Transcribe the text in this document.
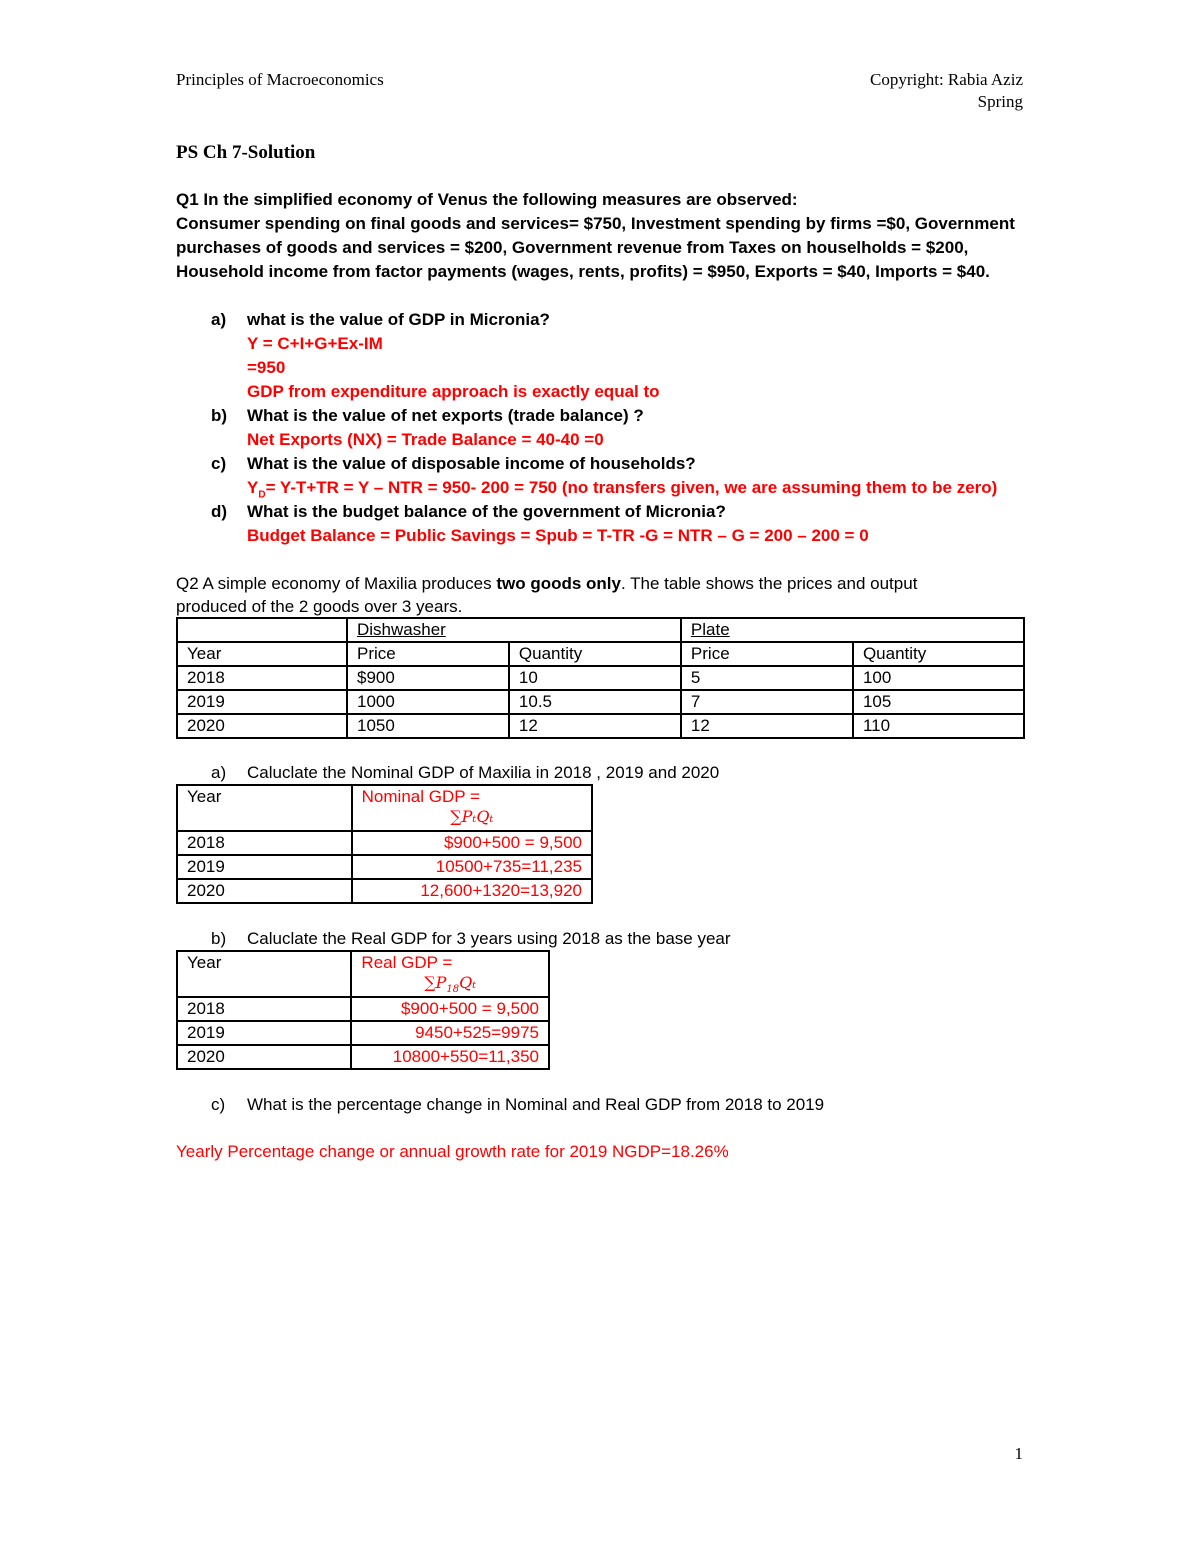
Principles of Macroeconomics	Copyright: Rabia Aziz
Spring
PS Ch 7-Solution
Q1 In the simplified economy of Venus the following measures are observed:
Consumer spending on final goods and services= $750, Investment spending by firms =$0, Government
purchases of goods and services = $200, Government revenue from Taxes on houselholds = $200,
Household income from factor payments (wages, rents, profits) = $950, Exports = $40, Imports = $40.
a) what is the value of GDP in Micronia?
Y = C+I+G+Ex-IM
=950
GDP from expenditure approach is exactly equal to
b) What is the value of net exports (trade balance) ?
Net Exports (NX) = Trade Balance = 40-40 =0
c) What is the value of disposable income of households?
$Y_D= Y-T+TR = Y$ – NTR = 950- 200 = 750 (no transfers given, we are assuming them to be zero)
d) What is the budget balance of the government of Micronia?
Budget Balance = Public Savings = Spub = T-TR -G = NTR – G = 200 – 200 = 0
Q2 A simple economy of Maxilia produces two goods only. The table shows the prices and output
produced of the 2 goods over 3 years.
	Dishwasher		Plate	
Year	Price	Quantity	Price	Quantity
2018	$900	10	5	100
2019	1000	10.5	7	105
2020	1050	12	12	110
a) Caluclate the Nominal GDP of Maxilia in 2018 , 2019 and 2020
Year	Nominal GDP =
∑PₜQₜ

2018	$900+500 = 9,500
2019	10500+735=11,235
2020	12,600+1320=13,920
b) Caluclate the Real GDP for 3 years using 2018 as the base year
Year	Real GDP =
$\sum P_{18}Q_t$

2018	$900+500 = 9,500
2019	9450+525=9975
2020	10800+550=11,350
c) What is the percentage change in Nominal and Real GDP from 2018 to 2019
Yearly Percentage change or annual growth rate for 2019 NGDP=18.26%
1
